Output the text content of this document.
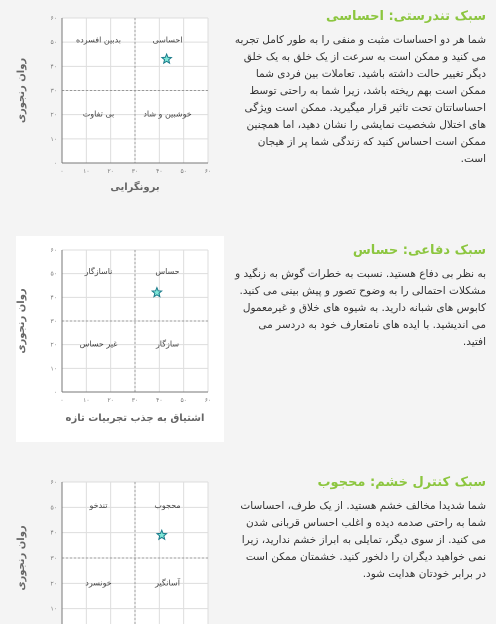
۰	۱۰	۲۰	۳۰	۴۰	۵۰	۶۰
۰
۱۰
۲۰
۳۰
۴۰
۵۰
۶۰
بدبین افسرده	احساسی
بی تفاوت	خوشبین و شاد
روان رنجوری
برونگرایی
سبک تندرستی: احساسی

شما هر دو احساسات مثبت و منفی را به طور کامل تجربه می کنید و ممکن است به سرعت از یک خلق به یک خلق دیگر تغییر حالت داشته باشید. تعاملات بین فردی شما ممکن است بهم ریخته باشد، زیرا شما به راحتی توسط احساساتتان تحت تاثیر قرار میگیرید. ممکن است ویژگی های اختلال شخصیت نمایشی را نشان دهید، اما همچنین ممکن است احساس کنید که زندگی شما پر از هیجان است.

۰	۱۰	۲۰	۳۰	۴۰	۵۰	۶۰
۰
۱۰
۲۰
۳۰
۴۰
۵۰
۶۰
ناسازگار	حساس
غیر حساس	سازگار
روان رنجوری
اشتیاق به جذب تجربیات تازه
سبک دفاعی: حساس

به نظر بی دفاع هستید. نسبت به خطرات گوش به زنگید و مشکلات احتمالی را به وضوح تصور و پیش بینی می کنید. کابوس های شبانه دارید. به شیوه های خلاق و غیرمعمول می اندیشید. با ایده های نامتعارف خود به دردسر می افتید.

۱۰
۲۰
۳۰
۴۰
۵۰
۶۰
تندخو	محجوب
خونسرد	آسانگیر
روان رنجوری
سبک کنترل خشم: محجوب

شما شدیدا مخالف خشم هستید. از یک طرف، احساسات شما به راحتی صدمه دیده و اغلب احساس قربانی شدن می کنید. از سوی دیگر، تمایلی به ابراز خشم ندارید، زیرا نمی خواهید دیگران را دلخور کنید. خشمتان ممکن است در برابر خودتان هدایت شود.
